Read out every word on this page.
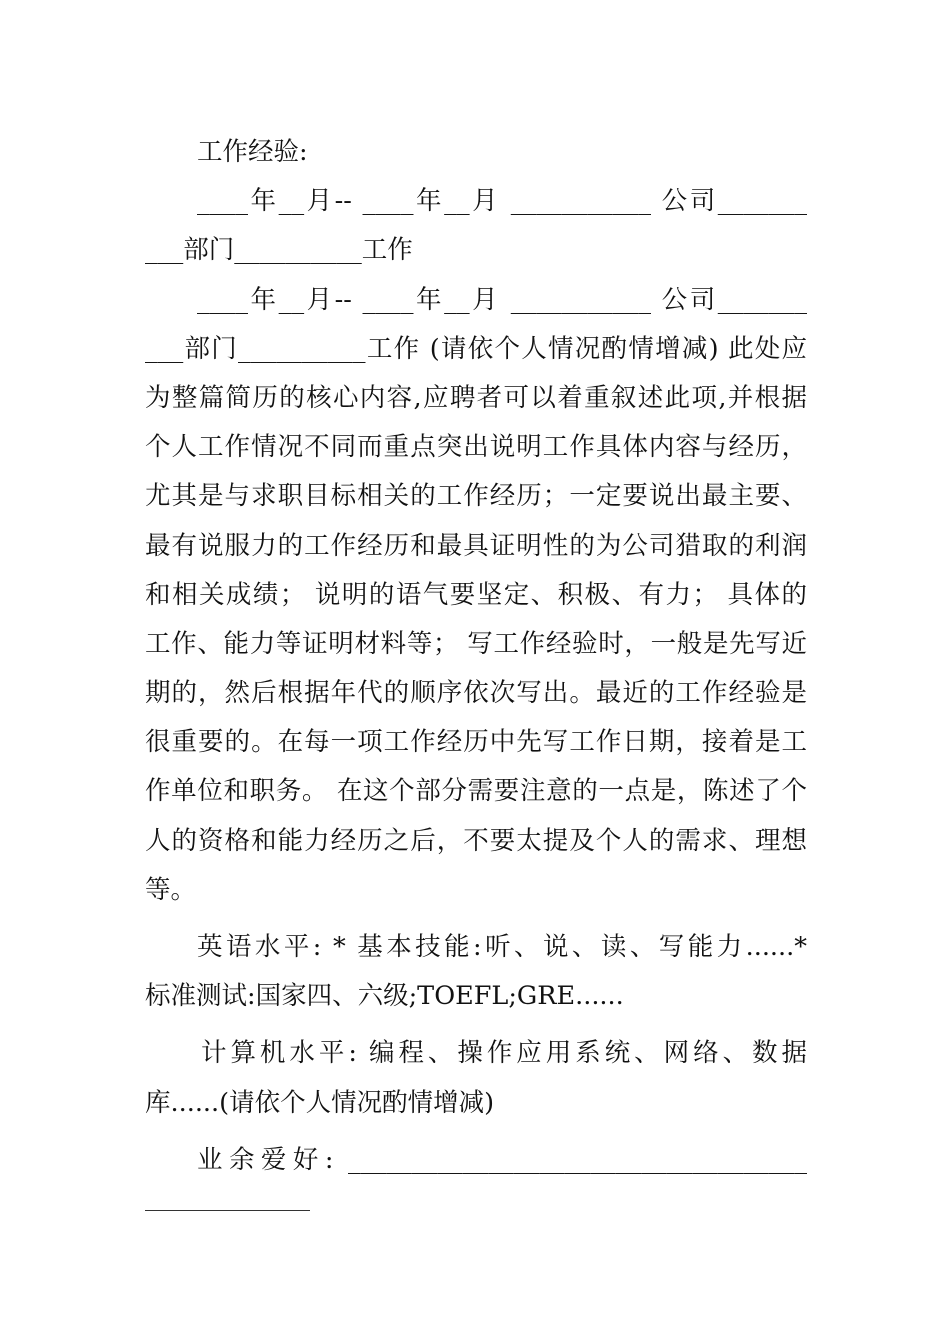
工作经验:
____年__月-- ____年__月 ___________ 公司_______
___部门__________工作
____年__月-- ____年__月 ___________ 公司_______
___部门__________工作 (请依个人情况酌情增减) 此处应
为整篇简历的核心内容,应聘者可以着重叙述此项,并根据
个人工作情况不同而重点突出说明工作具体内容与经历，
尤其是与求职目标相关的工作经历；一定要说出最主要、
最有说服力的工作经历和最具证明性的为公司猎取的利润
和相关成绩； 说明的语气要坚定、积极、有力； 具体的
工作、能力等证明材料等； 写工作经验时，一般是先写近
期的，然后根据年代的顺序依次写出。最近的工作经验是
很重要的。在每一项工作经历中先写工作日期，接着是工
作单位和职务。 在这个部分需要注意的一点是，陈述了个
人的资格和能力经历之后，不要太提及个人的需求、理想
等。
英语水平: * 基本技能:听、说、读、写能力......*
标准测试:国家四、六级;TOEFL;GRE......
计算机水平: 编程、操作应用系统、网络、数据
库......(请依个人情况酌情增减)
业余爱好: ____________________________________
